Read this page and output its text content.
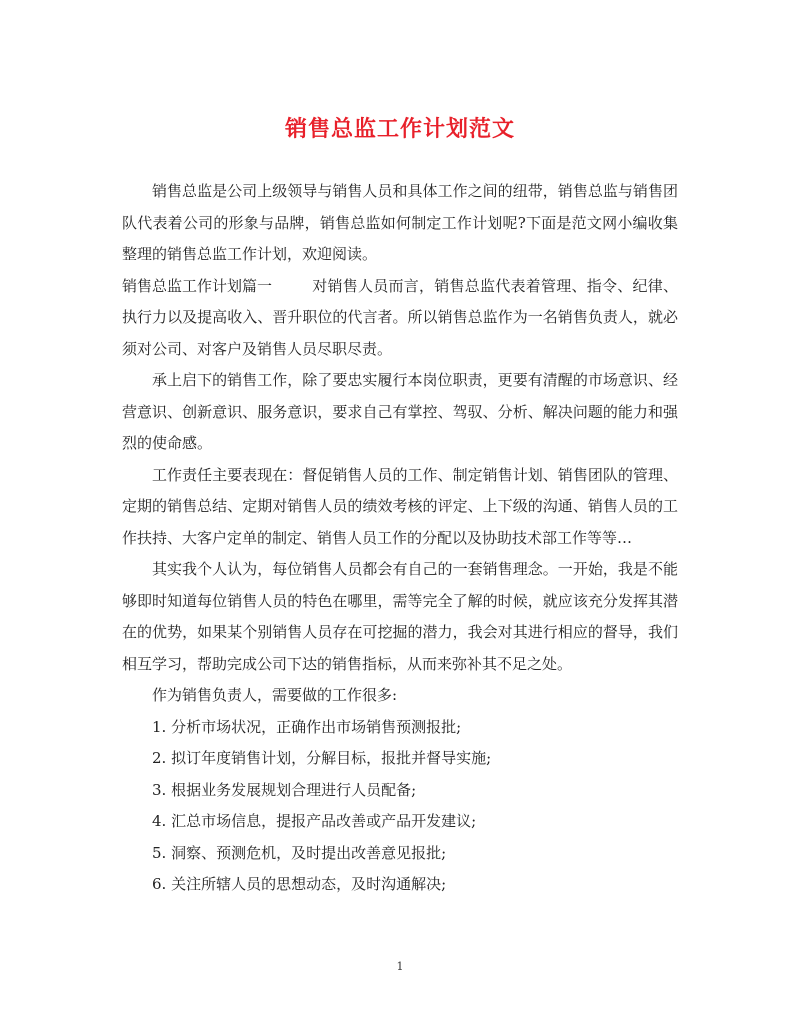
销售总监工作计划范文

销售总监是公司上级领导与销售人员和具体工作之间的纽带，销售总监与销售团队代表着公司的形象与品牌，销售总监如何制定工作计划呢?下面是范文网小编收集整理的销售总监工作计划，欢迎阅读。

销售总监工作计划篇一	对销售人员而言，销售总监代表着管理、指令、纪律、执行力以及提高收入、晋升职位的代言者。所以销售总监作为一名销售负责人，就必须对公司、对客户及销售人员尽职尽责。

承上启下的销售工作，除了要忠实履行本岗位职责，更要有清醒的市场意识、经营意识、创新意识、服务意识，要求自己有掌控、驾驭、分析、解决问题的能力和强烈的使命感。

工作责任主要表现在：督促销售人员的工作、制定销售计划、销售团队的管理、定期的销售总结、定期对销售人员的绩效考核的评定、上下级的沟通、销售人员的工作扶持、大客户定单的制定、销售人员工作的分配以及协助技术部工作等等…

其实我个人认为，每位销售人员都会有自己的一套销售理念。一开始，我是不能够即时知道每位销售人员的特色在哪里，需等完全了解的时候，就应该充分发挥其潜在的优势，如果某个别销售人员存在可挖掘的潜力，我会对其进行相应的督导，我们相互学习，帮助完成公司下达的销售指标，从而来弥补其不足之处。

作为销售负责人，需要做的工作很多:

1. 分析市场状况，正确作出市场销售预测报批;

2. 拟订年度销售计划，分解目标，报批并督导实施;

3. 根据业务发展规划合理进行人员配备;

4. 汇总市场信息，提报产品改善或产品开发建议;

5. 洞察、预测危机，及时提出改善意见报批;

6. 关注所辖人员的思想动态，及时沟通解决;

1
